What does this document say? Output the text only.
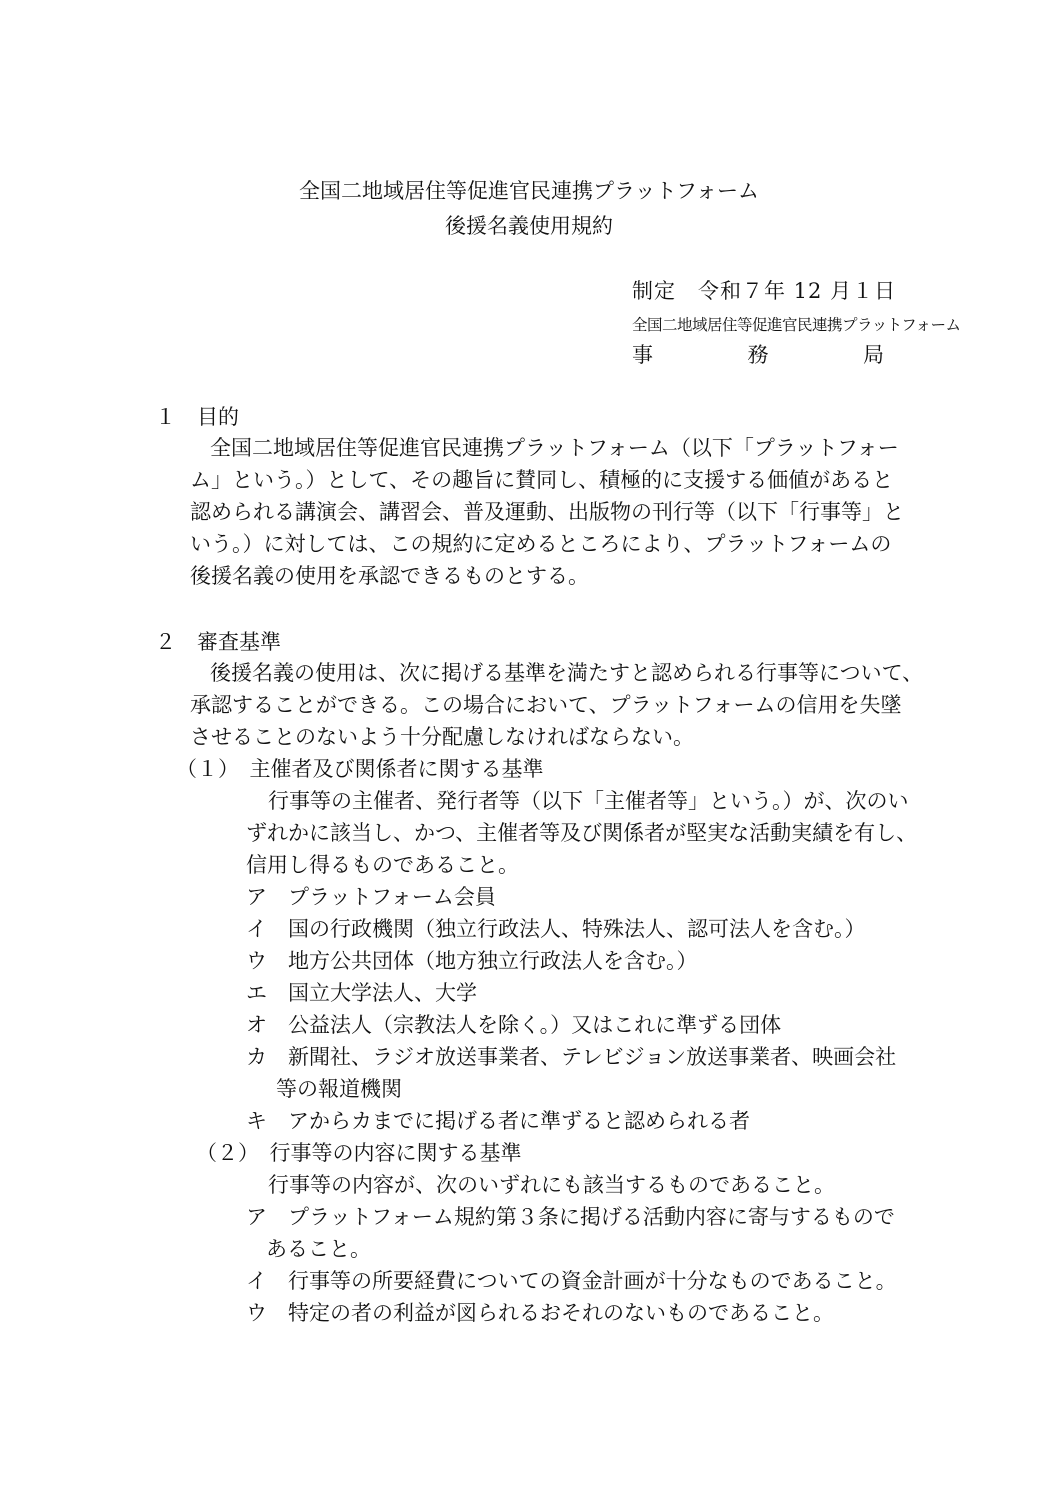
全国二地域居住等促進官民連携プラットフォーム
後援名義使用規約
制定　令和７年 12 月１日
全国二地域居住等促進官民連携プラットフォーム
事	務	局
１　目的
全国二地域居住等促進官民連携プラットフォーム（以下「プラットフォー
ム」という。）として、その趣旨に賛同し、積極的に支援する価値があると
認められる講演会、講習会、普及運動、出版物の刊行等（以下「行事等」と
いう。）に対しては、この規約に定めるところにより、プラットフォームの
後援名義の使用を承認できるものとする。
２　審査基準
後援名義の使用は、次に掲げる基準を満たすと認められる行事等について、
承認することができる。この場合において、プラットフォームの信用を失墜
させることのないよう十分配慮しなければならない。
（１）　主催者及び関係者に関する基準
行事等の主催者、発行者等（以下「主催者等」という。）が、次のい
ずれかに該当し、かつ、主催者等及び関係者が堅実な活動実績を有し、
信用し得るものであること。
ア　プラットフォーム会員
イ　国の行政機関（独立行政法人、特殊法人、認可法人を含む。）
ウ　地方公共団体（地方独立行政法人を含む。）
エ　国立大学法人、大学
オ　公益法人（宗教法人を除く。）又はこれに準ずる団体
カ　新聞社、ラジオ放送事業者、テレビジョン放送事業者、映画会社
等の報道機関
キ　アからカまでに掲げる者に準ずると認められる者
（２）　行事等の内容に関する基準
行事等の内容が、次のいずれにも該当するものであること。
ア　プラットフォーム規約第３条に掲げる活動内容に寄与するもので
あること。
イ　行事等の所要経費についての資金計画が十分なものであること。
ウ　特定の者の利益が図られるおそれのないものであること。
